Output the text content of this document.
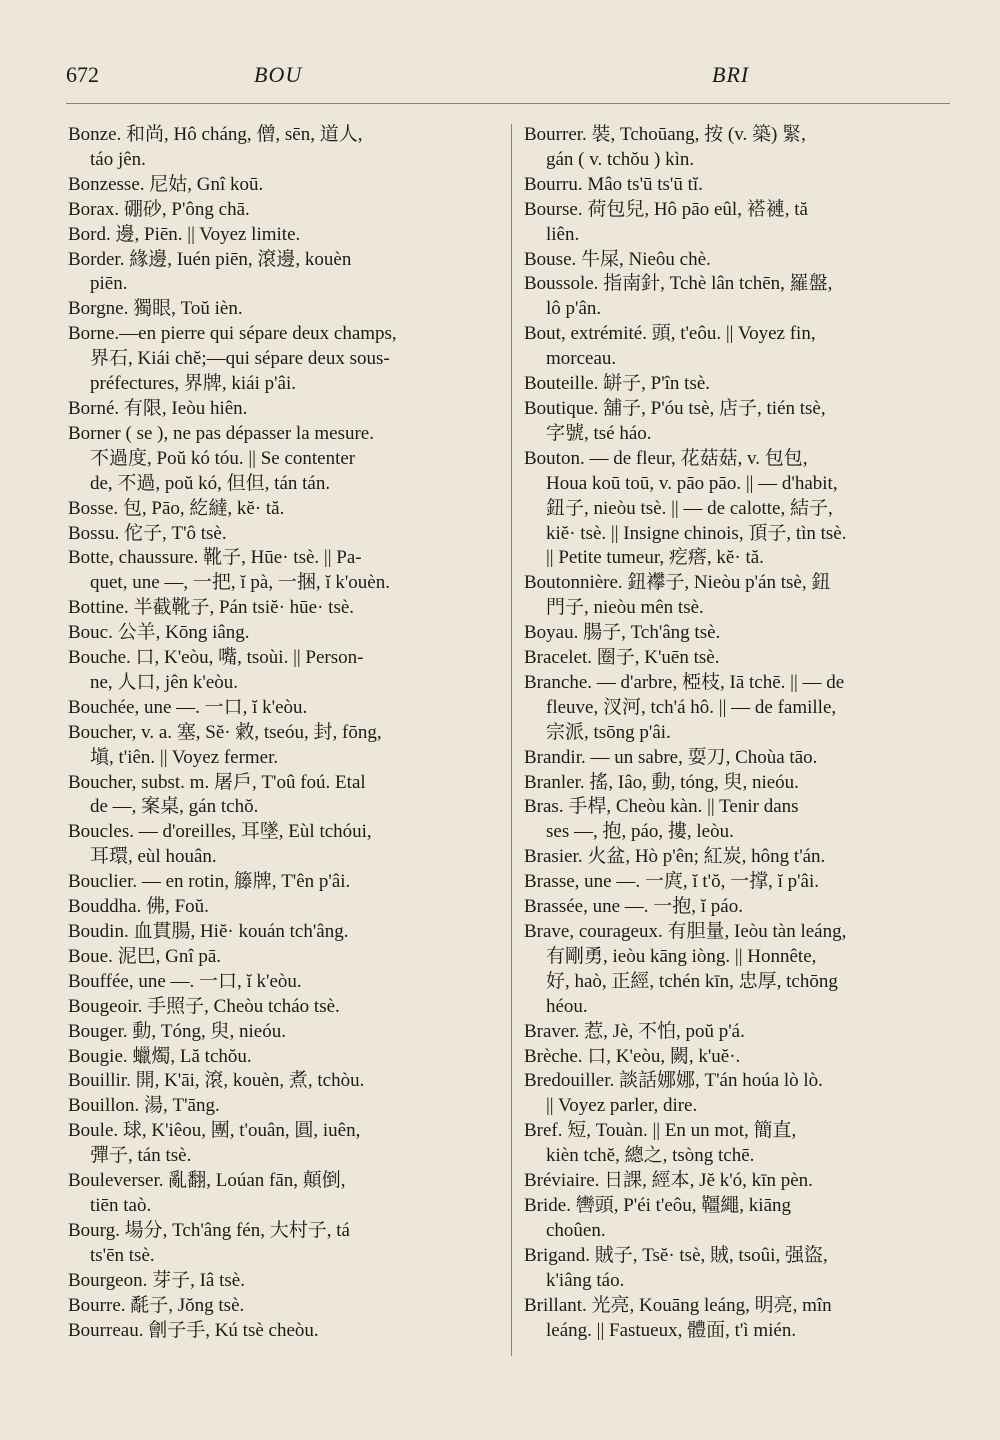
672	BOU	BRI
Bonze. 和尚, Hô cháng, 僧, sēn, 道人,
táo jên.
Bonzesse. 尼姑, Gnî koū.
Borax. 硼砂, P'ông chā.
Bord. 邊, Piēn. || Voyez limite.
Border. 緣邊, Iuén piēn, 滾邊, kouèn
piēn.
Borgne. 獨眼, Toŭ ièn.
Borne.—en pierre qui sépare deux champs,
界石, Kiái chĕ;—qui sépare deux sous-
préfectures, 界牌, kiái p'âi.
Borné. 有限, Ieòu hiên.
Borner ( se ), ne pas dépasser la mesure.
不過度, Poŭ kó tóu. || Se contenter
de, 不過, poŭ kó, 但但, tán tán.
Bosse. 包, Pāo, 紇繨, kĕ· tă.
Bossu. 佗子, T'ô tsè.
Botte, chaussure. 靴子, Hūe· tsè. || Pa-
quet, une —, 一把, ĭ pà, 一捆, ĭ k'ouèn.
Bottine. 半截靴子, Pán tsiĕ· hūe· tsè.
Bouc. 公羊, Kōng iâng.
Bouche. 口, K'eòu, 嘴, tsoùi. || Person-
ne, 人口, jên k'eòu.
Bouchée, une —. 一口, ĭ k'eòu.
Boucher, v. a. 塞, Sĕ· 敹, tseóu, 封, fōng,
塡, t'iên. || Voyez fermer.
Boucher, subst. m. 屠戶, T'oû foú. Etal
de —, 案桌, gán tchŏ.
Boucles. — d'oreilles, 耳墜, Eùl tchóui,
耳環, eùl houân.
Bouclier. — en rotin, 籐牌, T'ên p'âi.
Bouddha. 佛, Foŭ.
Boudin. 血貫腸, Hiĕ· kouán tch'âng.
Boue. 泥巴, Gnî pā.
Bouffée, une —. 一口, ĭ k'eòu.
Bougeoir. 手照子, Cheòu tcháo tsè.
Bouger. 動, Tóng, 臾, nieóu.
Bougie. 蠟燭, Lă tchŏu.
Bouillir. 開, K'āi, 滾, kouèn, 煮, tchòu.
Bouillon. 湯, T'āng.
Boule. 球, K'iêou, 團, t'ouân, 圓, iuên,
彈子, tán tsè.
Bouleverser. 亂翻, Loúan fān, 顛倒,
tiēn taò.
Bourg. 場分, Tch'âng fén, 大村子, tá
ts'ēn tsè.
Bourgeon. 芽子, Iâ tsè.
Bourre. 氄子, Jŏng tsè.
Bourreau. 劊子手, Kú tsè cheòu.
Bourrer. 裝, Tchoūang, 按 (v. 築) 緊,
gán ( v. tchŏu ) kìn.
Bourru. Mâo ts'ū ts'ū tĭ.
Bourse. 荷包兒, Hô pāo eûl, 褡褳, tă
liên.
Bouse. 牛屎, Nieôu chè.
Boussole. 指南針, Tchè lân tchēn, 羅盤,
lô p'ân.
Bout, extrémité. 頭, t'eôu. || Voyez fin,
morceau.
Bouteille. 缾子, P'în tsè.
Boutique. 舖子, P'óu tsè, 店子, tién tsè,
字號, tsé háo.
Bouton. — de fleur, 花菇菇, v. 包包,
Houa koū toū, v. pāo pāo. || — d'habit,
鈕子, nieòu tsè. || — de calotte, 結子,
kiĕ· tsè. || Insigne chinois, 頂子, tìn tsè.
|| Petite tumeur, 疙瘩, kĕ· tă.
Boutonnière. 鈕襻子, Nieòu p'án tsè, 鈕
門子, nieòu mên tsè.
Boyau. 腸子, Tch'âng tsè.
Bracelet. 圈子, K'uēn tsè.
Branche. — d'arbre, 椏枝, Iā tchē. || — de
fleuve, 汊河, tch'á hô. || — de famille,
宗派, tsōng p'âi.
Brandir. — un sabre, 耍刀, Choùa tāo.
Branler. 搖, Iâo, 動, tóng, 臾, nieóu.
Bras. 手桿, Cheòu kàn. || Tenir dans
ses —, 抱, páo, 摟, leòu.
Brasier. 火盆, Hò p'ên; 紅炭, hông t'án.
Brasse, une —. 一庹, ĭ t'ŏ, 一撑, ĭ p'âi.
Brassée, une —. 一抱, ĭ páo.
Brave, courageux. 有胆量, Ieòu tàn leáng,
有剛勇, ieòu kāng iòng. || Honnête,
好, haò, 正經, tchén kīn, 忠厚, tchōng
héou.
Braver. 惹, Jè, 不怕, poŭ p'á.
Brèche. 口, K'eòu, 闕, k'uĕ·.
Bredouiller. 談話娜娜, T'án hoúa lò lò.
|| Voyez parler, dire.
Bref. 短, Touàn. || En un mot, 簡直,
kièn tchĕ, 總之, tsòng tchē.
Bréviaire. 日課, 經本, Jĕ k'ó, kīn pèn.
Bride. 轡頭, P'éi t'eôu, 韁繩, kiāng
choûen.
Brigand. 賊子, Tsĕ· tsè, 賊, tsoûi, 强盜,
k'iâng táo.
Brillant. 光亮, Kouāng leáng, 明亮, mîn
leáng. || Fastueux, 體面, t'ì mién.
